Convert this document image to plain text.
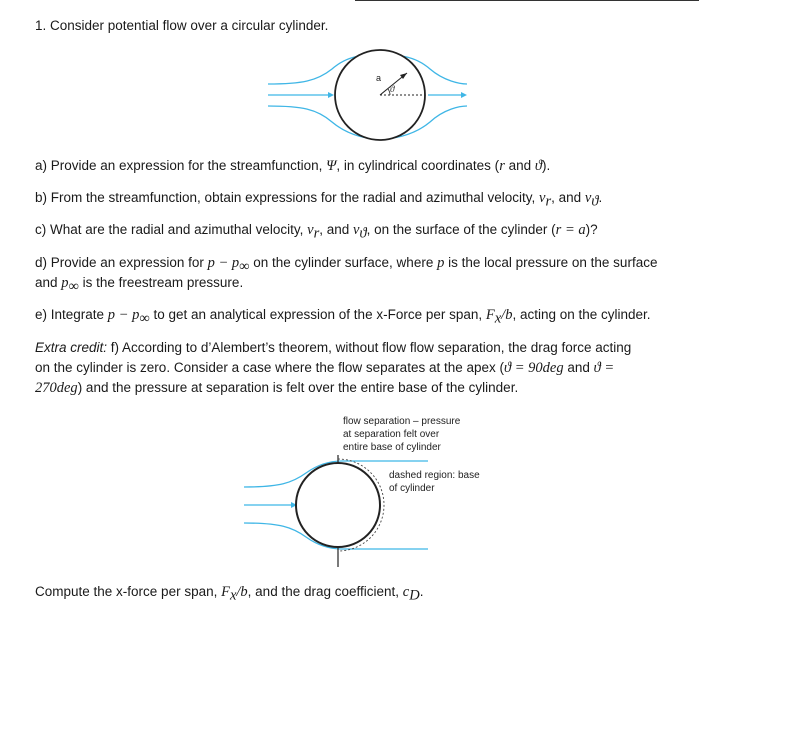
1. Consider potential flow over a circular cylinder.
a
ϑ
a) Provide an expression for the streamfunction, Ψ, in cylindrical coordinates (r and ϑ).
b) From the streamfunction, obtain expressions for the radial and azimuthal velocity, $v_r$, and $v_ϑ$.
c) What are the radial and azimuthal velocity, $v_r$, and $v_ϑ$, on the surface of the cylinder (r = a)?
d) Provide an expression for $p - p_\infty$ on the cylinder surface, where p is the local pressure on the surface
and $p_\infty$ is the freestream pressure.
e) Integrate $p - p_\infty$ to get an analytical expression of the x-Force per span, $F_x/b$, acting on the cylinder.
Extra credit: f) According to d’Alembert’s theorem, without flow flow separation, the drag force acting
on the cylinder is zero. Consider a case where the flow separates at the apex (ϑ = 90deg and ϑ =
270deg) and the pressure at separation is felt over the entire base of the cylinder.
flow separation – pressure
at separation felt over
entire base of cylinder
dashed region: base
of cylinder
Compute the x-force per span, $F_x/b$, and the drag coefficient, $c_D$.
